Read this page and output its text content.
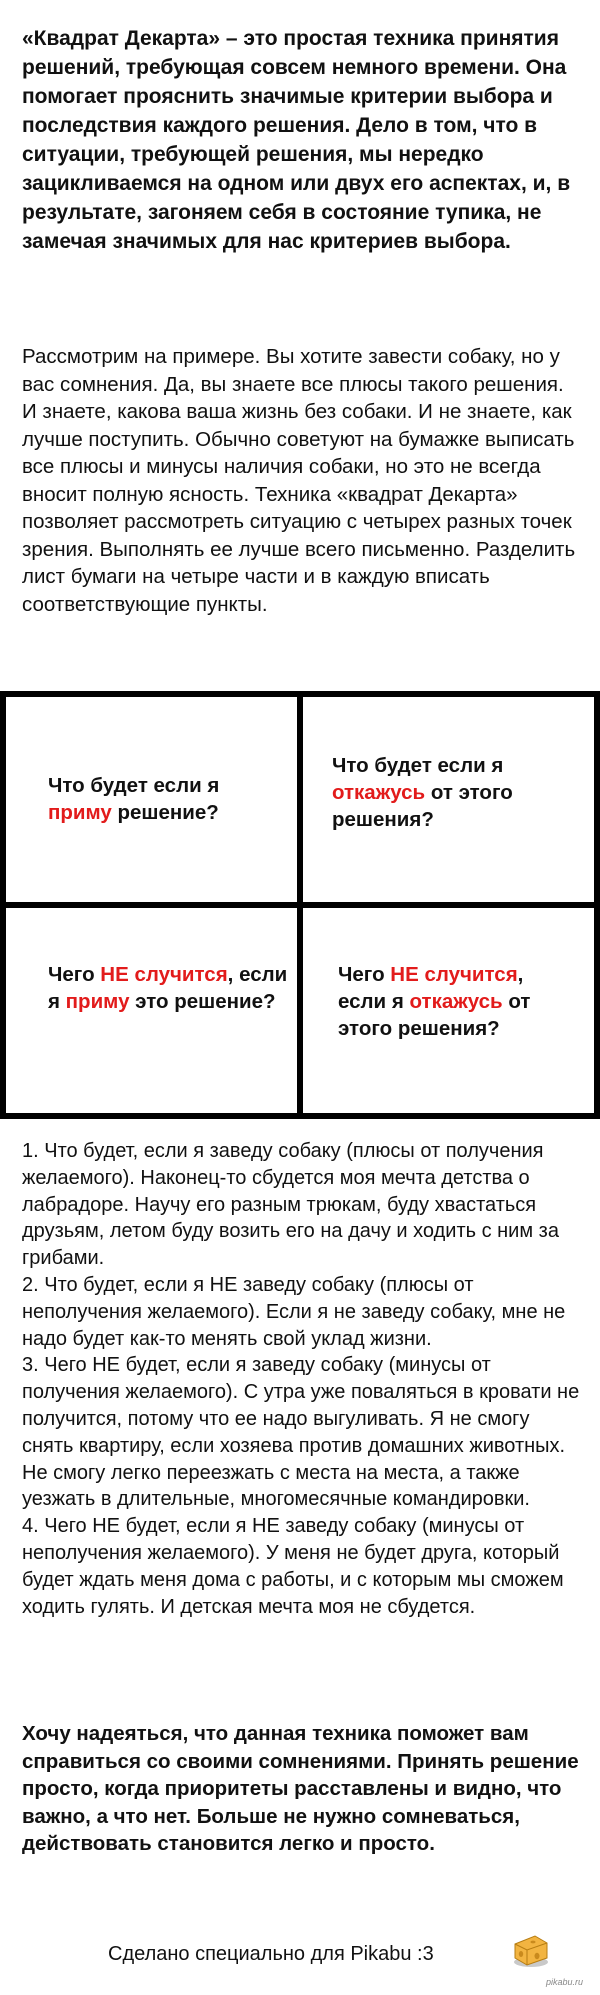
«Квадрат Декарта» – это простая техника принятия решений, требующая совсем немного времени. Она помогает прояснить значимые критерии выбора и последствия каждого решения. Дело в том, что в ситуации, требующей решения, мы нередко зацикливаемся на одном или двух его аспектах, и, в результате, загоняем себя в состояние тупика, не замечая значимых для нас критериев выбора.
Рассмотрим на примере. Вы хотите завести собаку, но у вас сомнения. Да, вы знаете все плюсы такого решения. И знаете, какова ваша жизнь без собаки. И не знаете, как лучше поступить. Обычно советуют на бумажке выписать все плюсы и минусы наличия собаки, но это не всегда вносит полную ясность. Техника «квадрат Декарта» позволяет рассмотреть ситуацию с четырех разных точек зрения. Выполнять ее лучше всего письменно. Разделить лист бумаги на четыре части и в каждую вписать соответствующие пункты.
Что будет если я приму решение?
Что будет если я откажусь от этого решения?
Чего НЕ случится, если я приму это решение?
Чего НЕ случится, если я откажусь от этого решения?

1. Что будет, если я заведу собаку (плюсы от получения желаемого). Наконец-то сбудется моя мечта детства о лабрадоре. Научу его разным трюкам, буду хвастаться друзьям, летом буду возить его на дачу и ходить с ним за грибами.

2. Что будет, если я НЕ заведу собаку (плюсы от неполучения желаемого). Если я не заведу собаку, мне не надо будет как-то менять свой уклад жизни.

3. Чего НЕ будет, если я заведу собаку (минусы от получения желаемого). С утра уже поваляться в кровати не получится, потому что ее надо выгуливать. Я не смогу снять квартиру, если хозяева против домашних животных. Не смогу легко переезжать с места на места, а также уезжать в длительные, многомесячные командировки.

4. Чего НЕ будет, если я НЕ заведу собаку (минусы от неполучения желаемого). У меня не будет друга, который будет ждать меня дома с работы, и с которым мы сможем ходить гулять. И детская мечта моя не сбудется.

Хочу надеяться, что данная техника поможет вам справиться со своими сомнениями. Принять решение просто, когда приоритеты расставлены и видно, что важно, а что нет. Больше не нужно сомневаться, действовать становится легко и просто.
Сделано специально для Pikabu :3
pikabu.ru
